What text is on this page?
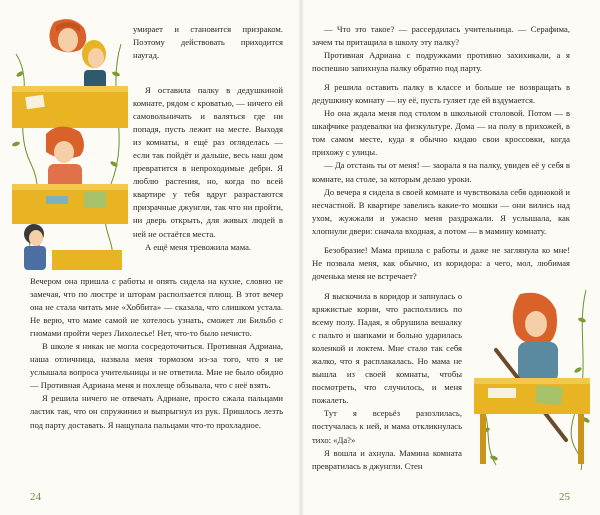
умирает и становится призраком. Поэтому действовать приходится наугад.

Я оставила палку в дедушкиной комнате, рядом с кроватью, — ничего ей самовольничать и валяться где ни попадя, пусть лежит на месте. Выходя из комнаты, я ещё раз огляделась — если так пойдёт и дальше, весь наш дом превратится в непроходимые дебри. Я люблю растения, но, когда по всей квартире у тебя вдруг разрастаются призрачные джунгли, так что ни пройти, ни дверь открыть, для живых людей в ней не остаётся места.

А ещё меня тревожила мама.

Вечером она пришла с работы и опять сидела на кухне, словно не замечая, что по люстре и шторам расползается плющ. В этот вечер она не стала читать мне «Хоббита» — сказала, что слишком устала. Не верю, что маме самой не хотелось узнать, сможет ли Бильбо с гномами пройти через Лихолесье! Нет, что-то было нечисто.

В школе я никак не могла сосредоточиться. Противная Адриана, наша отличница, назвала меня тормозом из-за того, что я не услышала вопроса учительницы и не ответила. Мне не было обидно — Противная Адриана меня и похлеще обзывала, что с неё взять.

Я решила ничего не отвечать Адриане, просто сжала пальцами ластик так, что он спружинил и выпрыгнул из рук. Пришлось лезть под парту доставать. Я нащупала пальцами что-то прохладное.

24

— Что это такое? — рассердилась учительница. — Серафима, зачем ты притащила в школу эту палку?

Противная Адриана с подружками противно захихикали, а я поспешно запихнула палку обратно под парту.

Я решила оставить палку в классе и больше не возвращать в дедушкину комнату — ну её, пусть гуляет где ей вздумается.

Но она ждала меня под столом в школьной столовой. Потом — в шкафчике раздевалки на физкультуре. Дома — на полу в прихожей, в том самом месте, куда я обычно кидаю свои кроссовки, когда прихожу с улицы.

— Да отстань ты от меня! — заорала я на палку, увидев её у себя в комнате, на столе, за которым делаю уроки.

До вечера я сидела в своей комнате и чувствовала себя одинокой и несчастной. В квартире завелись какие-то мошки — они вились над ухом, жужжали и ужасно меня раздражали. Я услышала, как хлопнули двери: сначала входная, а потом — в мамину комнату.

Безобразие! Мама пришла с работы и даже не заглянула ко мне! Не позвала меня, как обычно, из коридора: а чего, мол, любимая доченька меня не встречает?

Я выскочила в коридор и запнулась о кряжистые корни, что расползлись по всему полу. Падая, я обрушила вешалку с пальто и шапками и больно ударилась коленкой и локтем. Мне стало так себя жалко, что я расплакалась. Но мама не вышла из своей комнаты, чтобы посмотреть, что случилось, и меня пожалеть.

Тут я всерьёз разозлилась, постучалась к ней, и мама откликнулась тихо: «Да?»

Я вошла и ахнула. Мамина комната превратилась в джунгли. Стен

25
